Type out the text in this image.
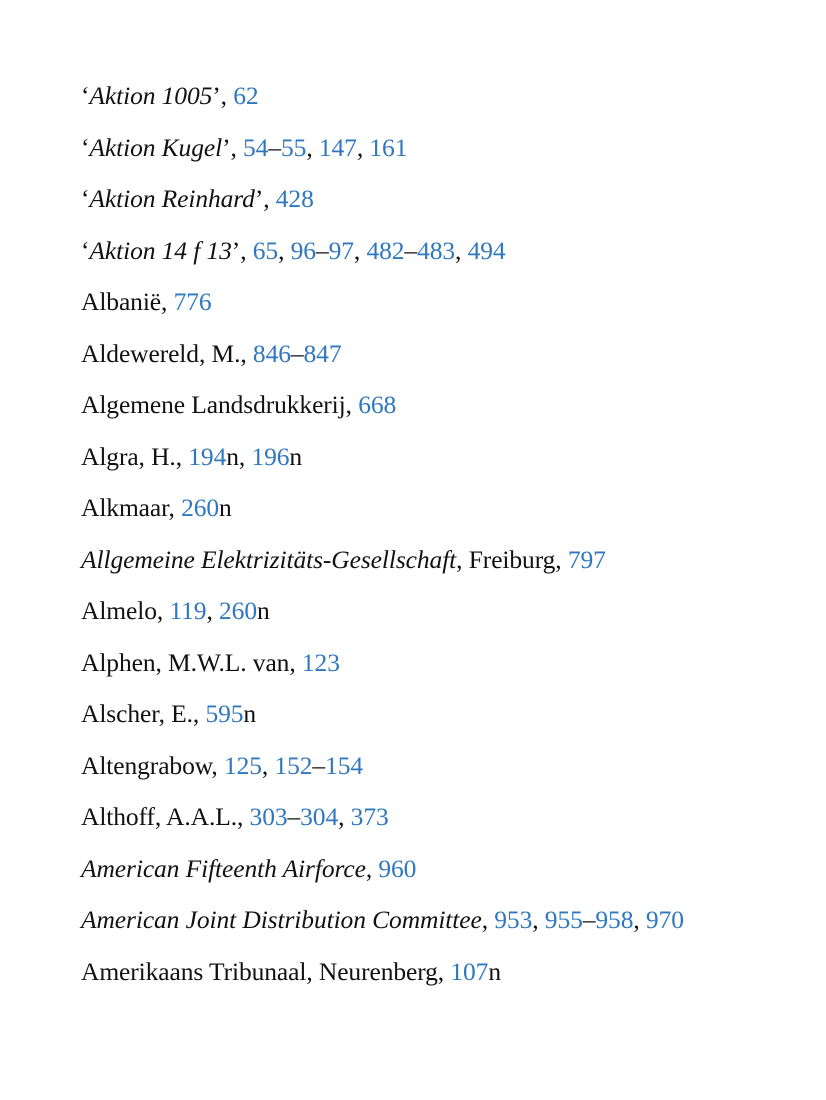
‘Aktion 1005’, 62
‘Aktion Kugel’, 54–55, 147, 161
‘Aktion Reinhard’, 428
‘Aktion 14 f 13’, 65, 96–97, 482–483, 494
Albanië, 776
Aldewereld, M., 846–847
Algemene Landsdrukkerij, 668
Algra, H., 194n, 196n
Alkmaar, 260n
Allgemeine Elektrizitäts-Gesellschaft, Freiburg, 797
Almelo, 119, 260n
Alphen, M.W.L. van, 123
Alscher, E., 595n
Altengrabow, 125, 152–154
Althoff, A.A.L., 303–304, 373
American Fifteenth Airforce, 960
American Joint Distribution Committee, 953, 955–958, 970
Amerikaans Tribunaal, Neurenberg, 107n
